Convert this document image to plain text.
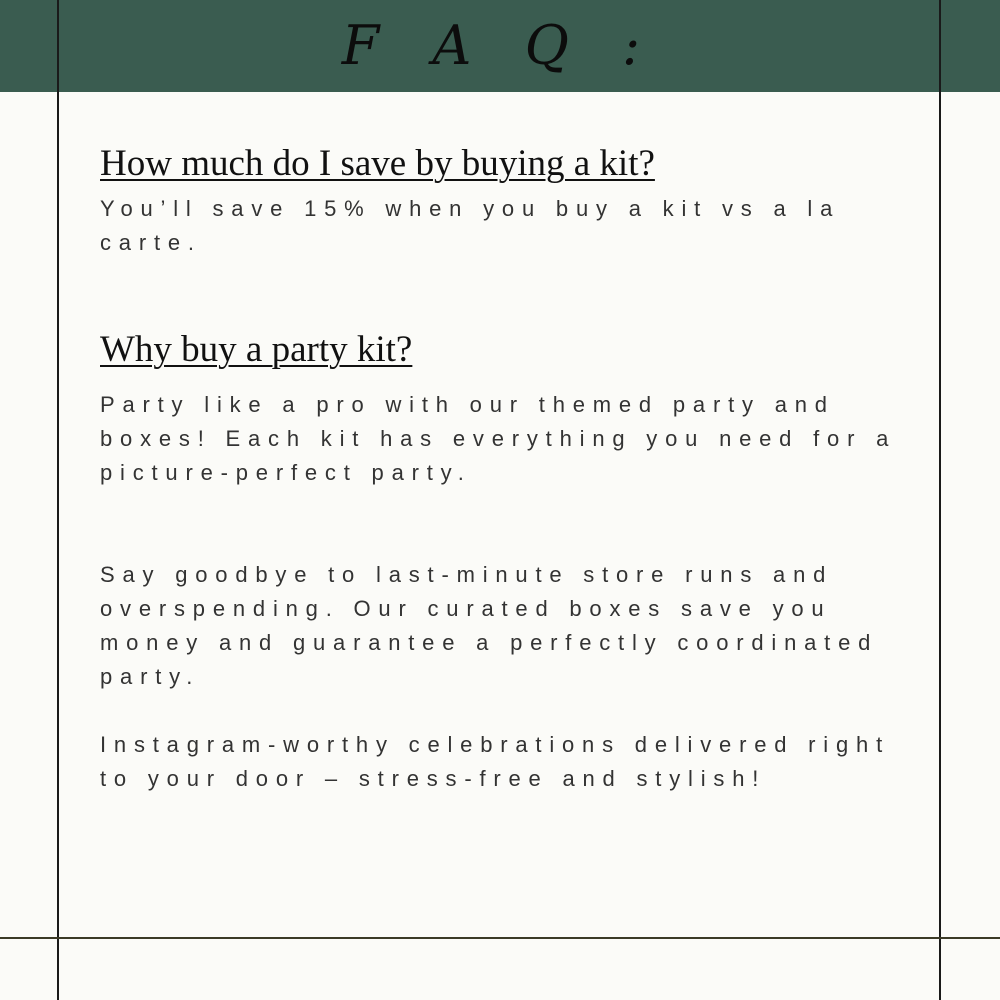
F A Q :
How much do I save by buying a kit?

You’ll save 15% when you buy a kit vs a la carte.

Why buy a party kit?

Party like a pro with our themed party and boxes! Each kit has everything you need for a picture-perfect party.

Say goodbye to last-minute store runs and overspending. Our curated boxes save you money and guarantee a perfectly coordinated party.

Instagram-worthy celebrations delivered right to your door – stress-free and stylish!
